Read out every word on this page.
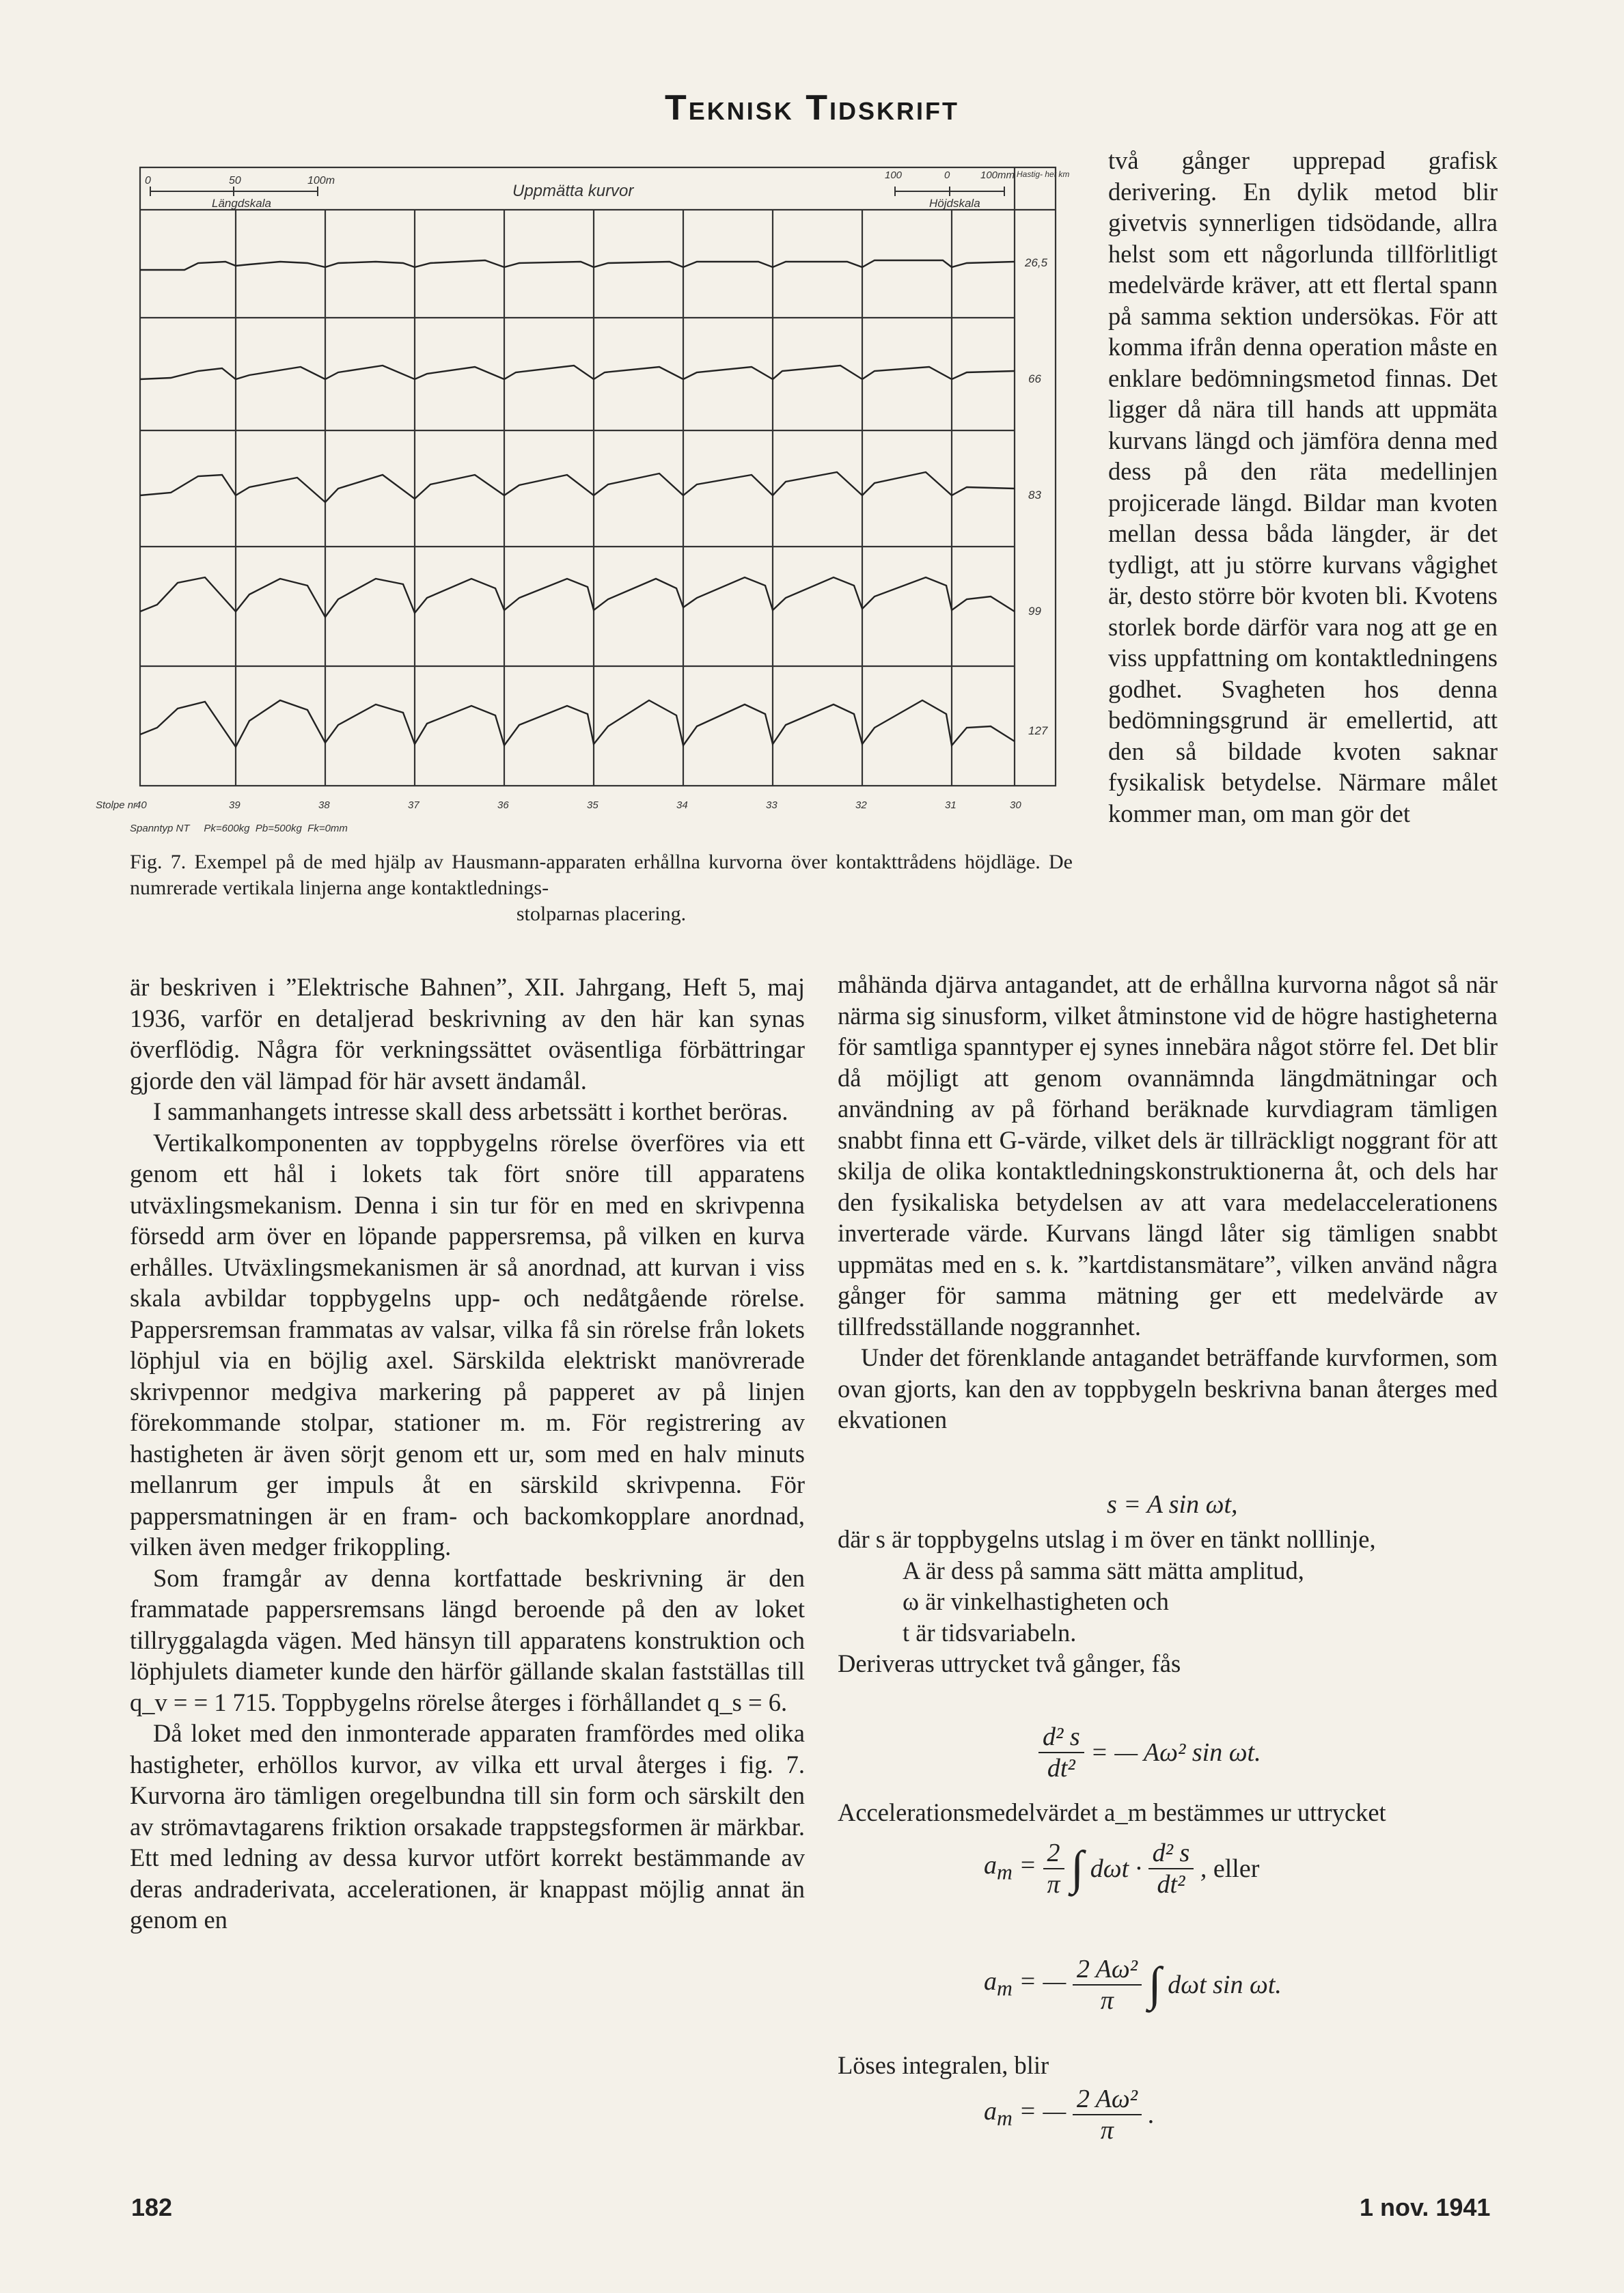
Teknisk Tidskrift
0	50	100m
Längdskala
Uppmätta kurvor
100	0	100mm
Höjdskala
Hastig- het km
26,5
66
83
99
127
Stolpe nr
40	39	38	37	36	35	34	33	32	31	30
Spanntyp NT     Pk=600kg  Pb=500kg  Fk=0mm
Fig. 7. Exempel på de med hjälp av Hausmann-apparaten erhållna kurvorna över kontakttrådens höjdläge. De numrerade vertikala linjerna ange kontaktlednings-
stolparnas placering.

två gånger upprepad grafisk derivering. En dylik metod blir givetvis synnerligen tidsödande, allra helst som ett någorlunda tillförlitligt medelvärde kräver, att ett flertal spann på samma sektion undersökas. För att komma ifrån denna operation måste en enklare bedömningsmetod finnas. Det ligger då nära till hands att uppmäta kurvans längd och jämföra denna med dess på den räta medellinjen projicerade längd. Bildar man kvoten mellan dessa båda längder, är det tydligt, att ju större kurvans vågighet är, desto större bör kvoten bli. Kvotens storlek borde därför vara nog att ge en viss uppfattning om kontaktledningens godhet. Svagheten hos denna bedömningsgrund är emellertid, att den så bildade kvoten saknar fysikalisk betydelse. Närmare målet kommer man, om man gör det

är beskriven i ”Elektrische Bahnen”, XII. Jahrgang, Heft 5, maj 1936, varför en detaljerad beskrivning av den här kan synas överflödig. Några för verkningssättet oväsentliga förbättringar gjorde den väl lämpad för här avsett ändamål.

I sammanhangets intresse skall dess arbetssätt i korthet beröras.

Vertikalkomponenten av toppbygelns rörelse överföres via ett genom ett hål i lokets tak fört snöre till apparatens utväxlingsmekanism. Denna i sin tur för en med en skrivpenna försedd arm över en löpande pappersremsa, på vilken en kurva erhålles. Utväxlingsmekanismen är så anordnad, att kurvan i viss skala avbildar toppbygelns upp- och nedåtgående rörelse. Pappersremsan frammatas av valsar, vilka få sin rörelse från lokets löphjul via en böjlig axel. Särskilda elektriskt manövrerade skrivpennor medgiva markering på papperet av på linjen förekommande stolpar, stationer m. m. För registrering av hastigheten är även sörjt genom ett ur, som med en halv minuts mellanrum ger impuls åt en särskild skrivpenna. För pappersmatningen är en fram- och backomkopplare anordnad, vilken även medger frikoppling.

Som framgår av denna kortfattade beskrivning är den frammatade pappersremsans längd beroende på den av loket tillryggalagda vägen. Med hänsyn till apparatens konstruktion och löphjulets diameter kunde den härför gällande skalan fastställas till q_v = = 1 715. Toppbygelns rörelse återges i förhållandet q_s = 6.

Då loket med den inmonterade apparaten framfördes med olika hastigheter, erhöllos kurvor, av vilka ett urval återges i fig. 7. Kurvorna äro tämligen oregelbundna till sin form och särskilt den av strömavtagarens friktion orsakade trappstegsformen är märkbar. Ett med ledning av dessa kurvor utfört korrekt bestämmande av deras andraderivata, accelerationen, är knappast möjlig annat än genom en

måhända djärva antagandet, att de erhållna kurvorna något så när närma sig sinusform, vilket åtminstone vid de högre hastigheterna för samtliga spanntyper ej synes innebära något större fel. Det blir då möjligt att genom ovannämnda längdmätningar och användning av på förhand beräknade kurvdiagram tämligen snabbt finna ett G-värde, vilket dels är tillräckligt noggrant för att skilja de olika kontaktledningskonstruktionerna åt, och dels har den fysikaliska betydelsen av att vara medelaccelerationens inverterade värde. Kurvans längd låter sig tämligen snabbt uppmätas med en s. k. ”kartdistansmätare”, vilken använd några gånger för samma mätning ger ett medelvärde av tillfredsställande noggrannhet.

Under det förenklande antagandet beträffande kurvformen, som ovan gjorts, kan den av toppbygeln beskrivna banan återges med ekvationen

s = A sin ωt,

där s är toppbygelns utslag i m över en tänkt nolllinje,

A är dess på samma sätt mätta amplitud,

ω är vinkelhastigheten och

t är tidsvariabeln.

Deriveras uttrycket två gånger, fås

$\frac{\text{d² s}}{\text{dt²}}$ = — Aω² sin ωt.

Accelerationsmedelvärdet a_m bestämmes ur uttrycket

$a_m = \frac{2}{\pi}$ ∫ $d\omega t \cdot \frac{\text{d² s}}{\text{dt²}}$ , eller
$a_m$ = — $\frac{\text{2 Aω²}}{\pi}$ ∫ dωt sin ωt.

Löses integralen, blir

$a_m$ = — $\frac{\text{2 Aω²}}{\pi}$ .
182	1 nov. 1941
